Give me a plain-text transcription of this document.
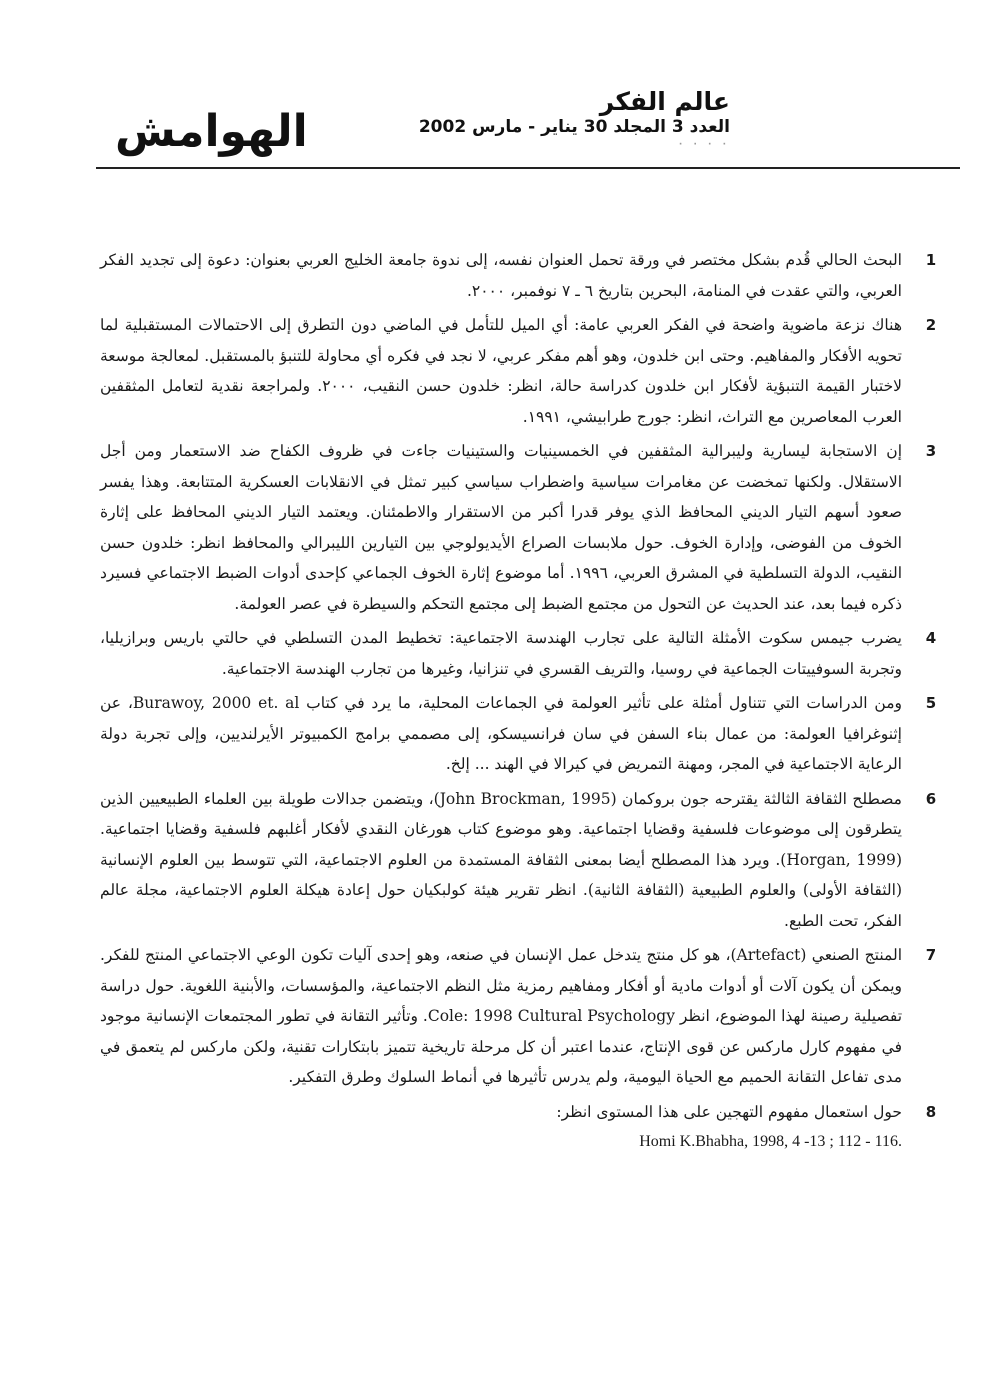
الهوامش
عالم الفكر
العدد 3 المجلد 30 يناير - مارس 2002
· · · ·
1
البحث الحالي قُدم بشكل مختصر في ورقة تحمل العنوان نفسه، إلى ندوة جامعة الخليج العربي بعنوان: دعوة إلى تجديد الفكر العربي، والتي عقدت في المنامة، البحرين بتاريخ ٦ ـ ٧ نوفمبر، ٢٠٠٠.
2
هناك نزعة ماضوية واضحة في الفكر العربي عامة: أي الميل للتأمل في الماضي دون التطرق إلى الاحتمالات المستقبلية لما تحويه الأفكار والمفاهيم. وحتى ابن خلدون، وهو أهم مفكر عربي، لا نجد في فكره أي محاولة للتنبؤ بالمستقبل. لمعالجة موسعة لاختبار القيمة التنبؤية لأفكار ابن خلدون كدراسة حالة، انظر: خلدون حسن النقيب، ٢٠٠٠. ولمراجعة نقدية لتعامل المثقفين العرب المعاصرين مع التراث، انظر: جورج طرابيشي، ١٩٩١.
3
إن الاستجابة ليسارية وليبرالية المثقفين في الخمسينيات والستينيات جاءت في ظروف الكفاح ضد الاستعمار ومن أجل الاستقلال. ولكنها تمخضت عن مغامرات سياسية واضطراب سياسي كبير تمثل في الانقلابات العسكرية المتتابعة. وهذا يفسر صعود أسهم التيار الديني المحافظ الذي يوفر قدرا أكبر من الاستقرار والاطمئنان. ويعتمد التيار الديني المحافظ على إثارة الخوف من الفوضى، وإدارة الخوف. حول ملابسات الصراع الأيديولوجي بين التيارين الليبرالي والمحافظ انظر: خلدون حسن النقيب، الدولة التسلطية في المشرق العربي، ١٩٩٦. أما موضوع إثارة الخوف الجماعي كإحدى أدوات الضبط الاجتماعي فسيرد ذكره فيما بعد، عند الحديث عن التحول من مجتمع الضبط إلى مجتمع التحكم والسيطرة في عصر العولمة.
4
يضرب جيمس سكوت الأمثلة التالية على تجارب الهندسة الاجتماعية: تخطيط المدن التسلطي في حالتي باريس وبرازيليا، وتجربة السوفييتات الجماعية في روسيا، والتريف القسري في تنزانيا، وغيرها من تجارب الهندسة الاجتماعية.
5
ومن الدراسات التي تتناول أمثلة على تأثير العولمة في الجماعات المحلية، ما يرد في كتاب Burawoy, 2000 et. al، عن إثنوغرافيا العولمة: من عمال بناء السفن في سان فرانسيسكو، إلى مصممي برامج الكمبيوتر الأيرلنديين، وإلى تجربة دولة الرعاية الاجتماعية في المجر، ومهنة التمريض في كيرالا في الهند ... إلخ.
6
مصطلح الثقافة الثالثة يقترحه جون بروكمان (John Brockman, 1995)، ويتضمن جدالات طويلة بين العلماء الطبيعيين الذين يتطرقون إلى موضوعات فلسفية وقضايا اجتماعية. وهو موضوع كتاب هورغان النقدي لأفكار أغلبهم فلسفية وقضايا اجتماعية. (Horgan, 1999). ويرد هذا المصطلح أيضا بمعنى الثقافة المستمدة من العلوم الاجتماعية، التي تتوسط بين العلوم الإنسانية (الثقافة الأولى) والعلوم الطبيعية (الثقافة الثانية). انظر تقرير هيئة كولبكيان حول إعادة هيكلة العلوم الاجتماعية، مجلة عالم الفكر، تحت الطبع.
7
المنتج الصنعي (Artefact)، هو كل منتج يتدخل عمل الإنسان في صنعه، وهو إحدى آليات تكون الوعي الاجتماعي المنتج للفكر. ويمكن أن يكون آلات أو أدوات مادية أو أفكار ومفاهيم رمزية مثل النظم الاجتماعية، والمؤسسات، والأبنية اللغوية. حول دراسة تفصيلية رصينة لهذا الموضوع، انظر Cole: 1998 Cultural Psychology. وتأثير التقانة في تطور المجتمعات الإنسانية موجود في مفهوم كارل ماركس عن قوى الإنتاج، عندما اعتبر أن كل مرحلة تاريخية تتميز بابتكارات تقنية، ولكن ماركس لم يتعمق في مدى تفاعل التقانة الحميم مع الحياة اليومية، ولم يدرس تأثيرها في أنماط السلوك وطرق التفكير.
8
حول استعمال مفهوم التهجين على هذا المستوى انظر:
Homi K.Bhabha, 1998, 4 -13 ; 112 - 116.
